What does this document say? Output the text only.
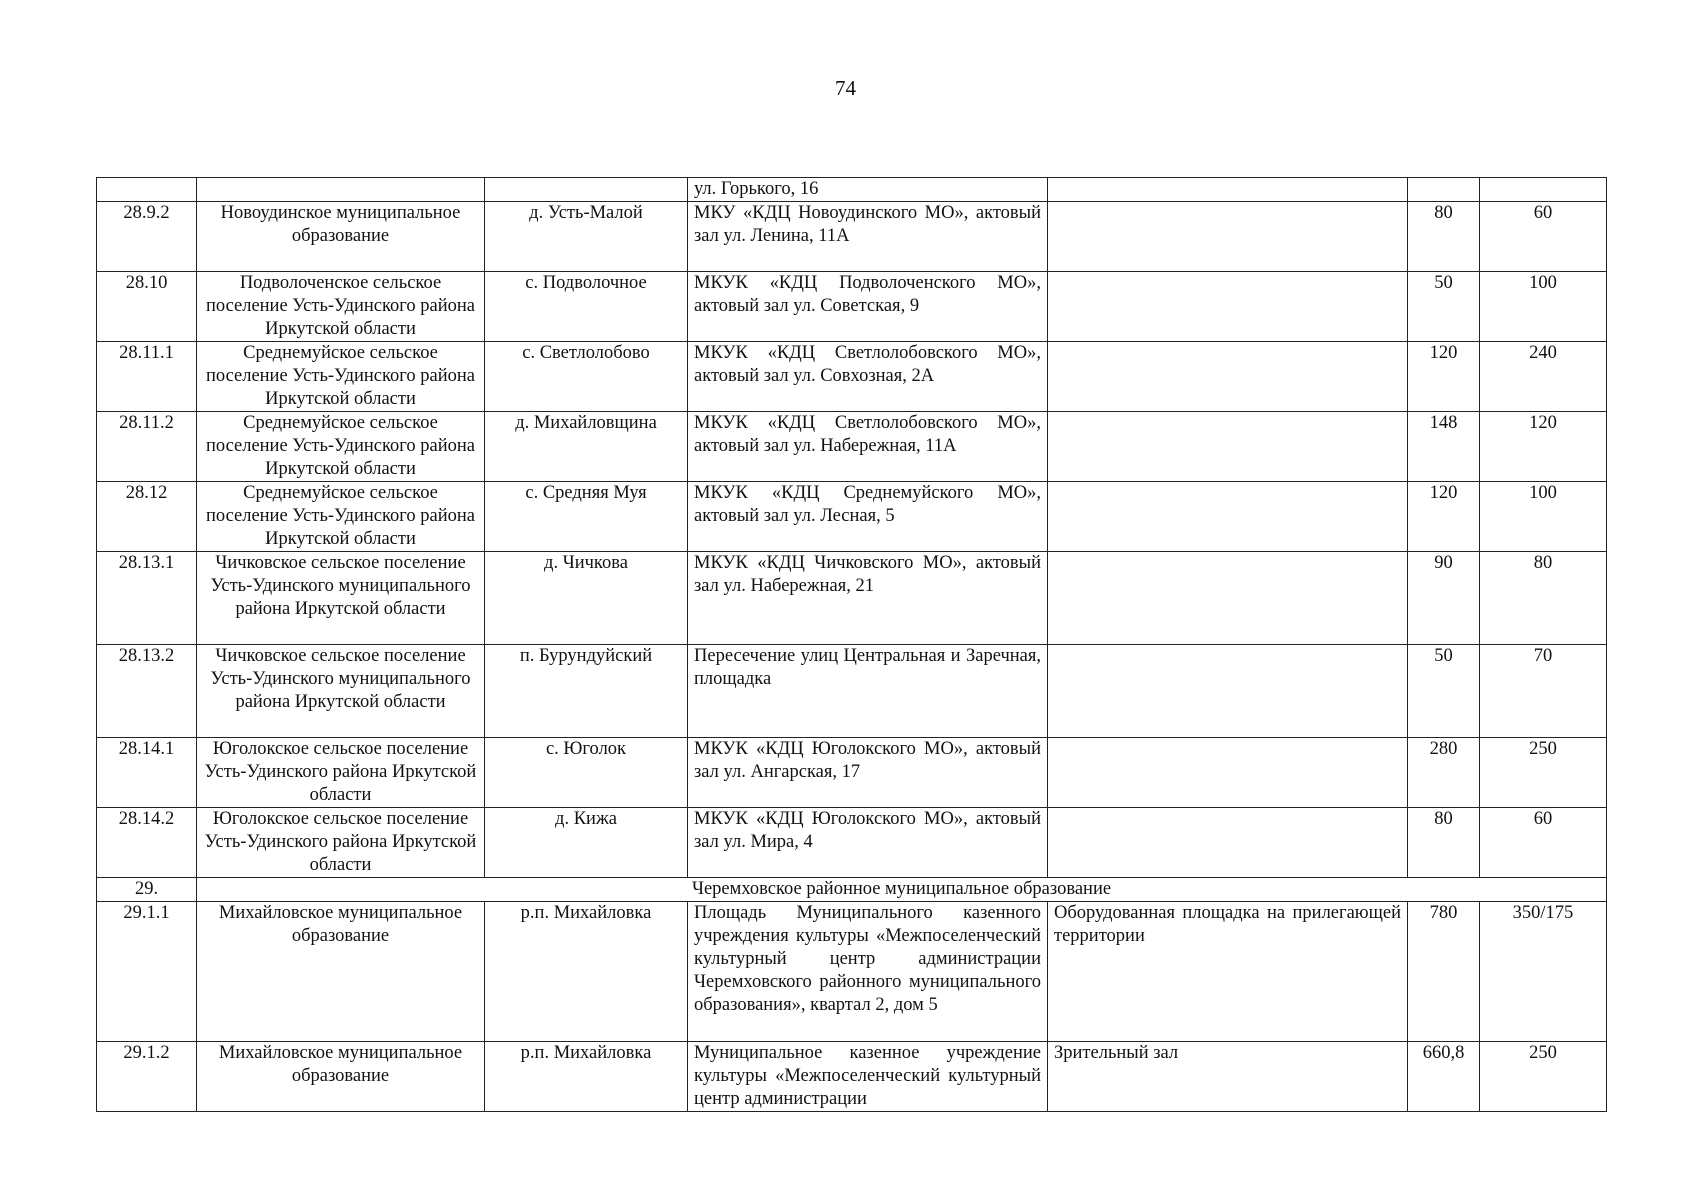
74
			ул. Горького, 16			
28.9.2	Новоудинское муниципальное образование	д. Усть-Малой	МКУ «КДЦ Новоудинского МО», актовый зал ул. Ленина, 11А		80	60
28.10	Подволоченское сельское поселение Усть-Удинского района Иркутской области	с. Подволочное	МКУК «КДЦ Подволоченского МО», актовый зал ул. Советская, 9		50	100
28.11.1	Среднемуйское сельское поселение Усть-Удинского района Иркутской области	с. Светлолобово	МКУК «КДЦ Светлолобовского МО», актовый зал ул. Совхозная, 2А		120	240
28.11.2	Среднемуйское сельское поселение Усть-Удинского района Иркутской области	д. Михайловщина	МКУК «КДЦ Светлолобовского МО», актовый зал ул. Набережная, 11А		148	120
28.12	Среднемуйское сельское поселение Усть-Удинского района Иркутской области	с. Средняя Муя	МКУК «КДЦ Среднемуйского МО», актовый зал ул. Лесная, 5		120	100
28.13.1	Чичковское сельское поселение Усть-Удинского муниципального района Иркутской области	д. Чичкова	МКУК «КДЦ Чичковского МО», актовый зал ул. Набережная, 21		90	80
28.13.2	Чичковское сельское поселение Усть-Удинского муниципального района Иркутской области	п. Бурундуйский	Пересечение улиц Центральная и Заречная, площадка		50	70
28.14.1	Юголокское сельское поселение Усть-Удинского района Иркутской области	с. Юголок	МКУК «КДЦ Юголокского МО», актовый зал ул. Ангарская, 17		280	250
28.14.2	Юголокское сельское поселение Усть-Удинского района Иркутской области	д. Кижа	МКУК «КДЦ Юголокского МО», актовый зал ул. Мира, 4		80	60
29.	Черемховское районное муниципальное образование					
29.1.1	Михайловское муниципальное образование	р.п. Михайловка	Площадь Муниципального казенного учреждения культуры «Межпоселенческий культурный центр администрации Черемховского районного муниципального образования», квартал 2, дом 5	Оборудованная площадка на прилегающей территории	780	350/175
29.1.2	Михайловское муниципальное образование	р.п. Михайловка	Муниципальное казенное учреждение культуры «Межпоселенческий культурный центр администрации	Зрительный зал	660,8	250
